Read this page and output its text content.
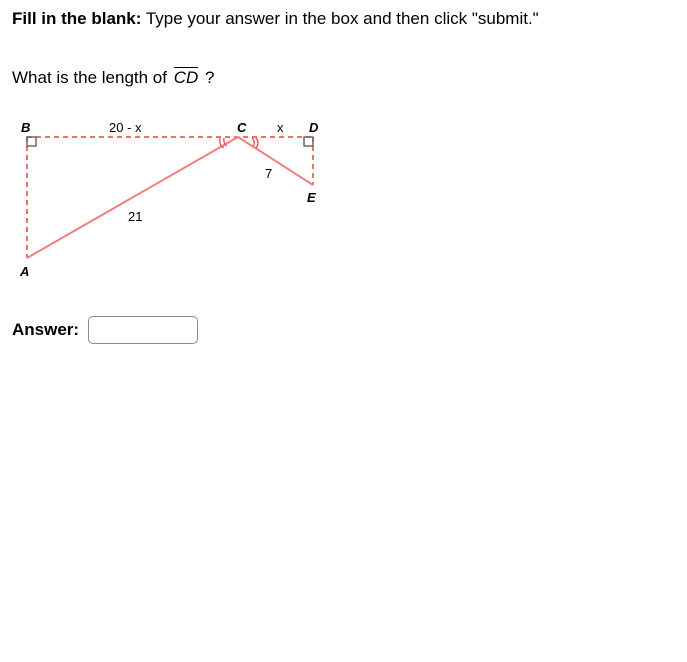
Fill in the blank: Type your answer in the box and then click "submit."
What is the length of CD ?
B	C	D
E
A
20 - x	x
7
21
Answer:
